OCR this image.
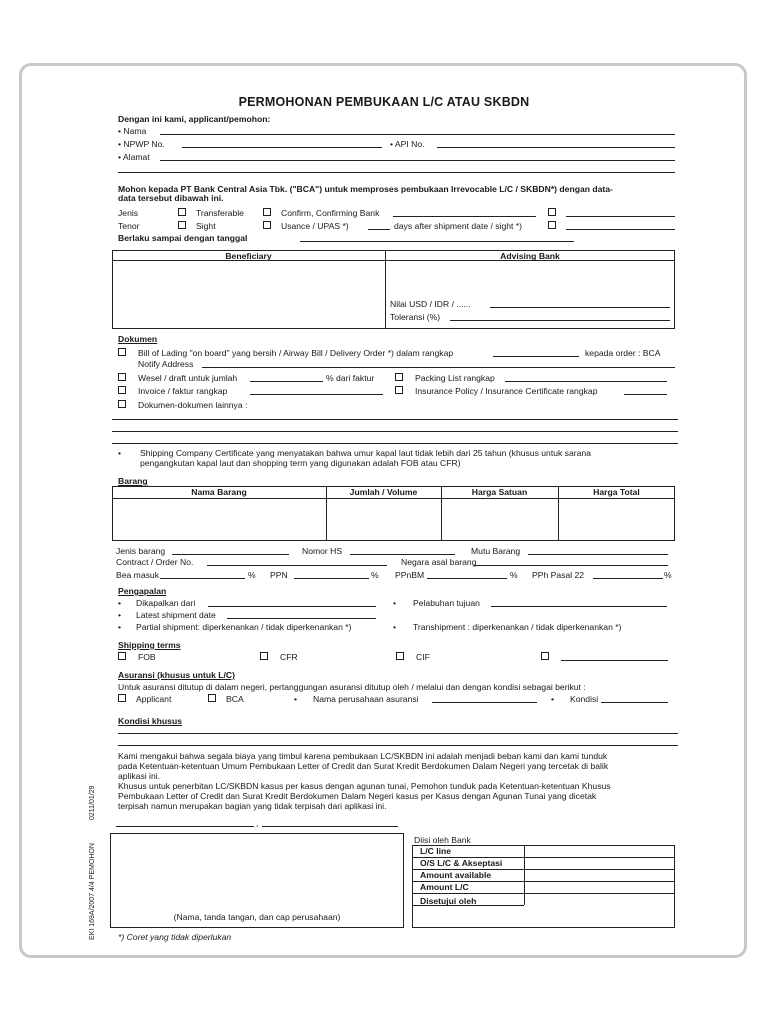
PERMOHONAN PEMBUKAAN L/C ATAU SKBDN
Dengan ini kami, applicant/pemohon:
• Nama
• NPWP No.	• API No.
• Alamat
Mohon kepada PT Bank Central Asia Tbk. ("BCA") untuk memproses pembukaan Irrevocable L/C / SKBDN*) dengan data-
data tersebut dibawah ini.
Jenis	Transferable	Confirm, Confirming Bank
Tenor	Sight	Usance / UPAS *)	days after shipment date / sight *)
Berlaku sampai dengan tanggal
Beneficiary	Advising Bank
Nilai USD / IDR / ......
Toleransi (%)
Dokumen
Bill of Lading "on board" yang bersih / Airway Bill / Delivery Order *) dalam rangkap	kepada order : BCA
Notify Address
Wesel / draft untuk jumlah	% dari faktur	Packing List rangkap
Invoice / faktur rangkap	Insurance Policy / Insurance Certificate rangkap
Dokumen-dokumen lainnya :
• Shipping Company Certificate yang menyatakan bahwa umur kapal laut tidak lebih dari 25 tahun (khusus untuk sarana
pengangkutan kapal laut dan shopping term yang digunakan adalah FOB atau CFR)
Barang
Nama Barang	Jumlah / Volume	Harga Satuan	Harga Total
Jenis barang	Nomor HS	Mutu Barang
Contract / Order No.	Negara asal barang
Bea masuk	% PPN	% PPnBM	% PPh Pasal 22	%
Pengapalan
• Dikapalkan dari	• Pelabuhan tujuan
• Latest shipment date
• Partial shipment: diperkenankan / tidak diperkenankan *)	• Transhipment : diperkenankan / tidak diperkenankan *)
Shipping terms
FOB	CFR	CIF
Asuransi (khusus untuk L/C)
Untuk asuransi ditutup di dalam negeri, pertanggungan asuransi ditutup oleh / melalui dan dengan kondisi sebagai berikut :
Applicant	BCA	• Nama perusahaan asuransi	• Kondisi
Kondisi khusus
Kami mengakui bahwa segala biaya yang timbul karena pembukaan LC/SKBDN ini adalah menjadi beban kami dan kami tunduk
pada Ketentuan-ketentuan Umum Pembukaan Letter of Credit dan Surat Kredit Berdokumen Dalam Negeri yang tercetak di balik
aplikasi ini.
Khusus untuk penerbitan LC/SKBDN kasus per kasus dengan agunan tunai, Pemohon tunduk pada Ketentuan-ketentuan Khusus
Pembukaan Letter of Credit dan Surat Kredit Berdokumen Dalam Negeri kasus per Kasus dengan Agunan Tunai yang dicetak
terpisah namun merupakan bagian yang tidak terpisah dari aplikasi ini.
,
(Nama, tanda tangan, dan cap perusahaan)
Diisi oleh Bank
L/C line
O/S L/C & Akseptasi
Amount available
Amount L/C
Disetujui oleh
*) Coret yang tidak diperlukan
0211/01/29
EKI 169A/2007 4/4 PEMOHON
